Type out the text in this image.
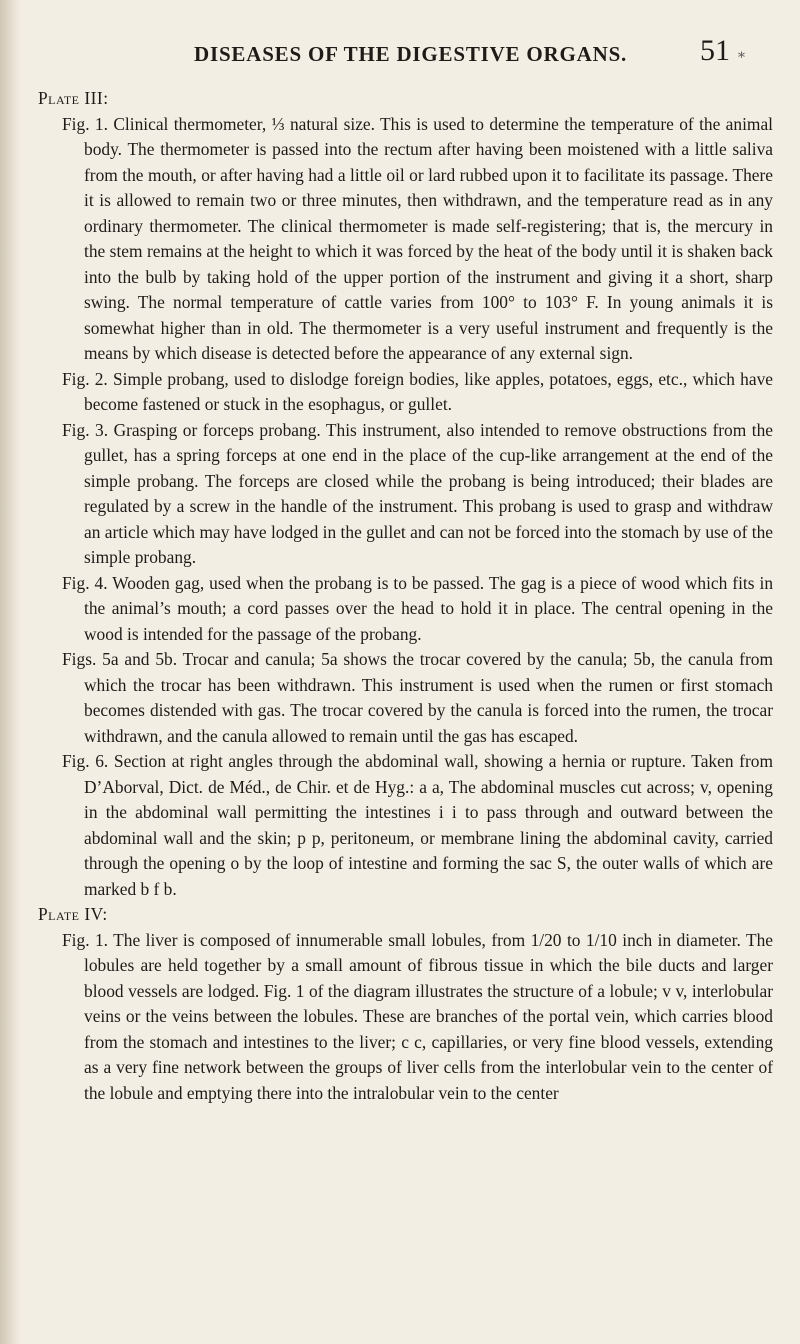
DISEASES OF THE DIGESTIVE ORGANS. 51 *

Plate III:

Fig. 1. Clinical thermometer, ⅓ natural size. This is used to determine the temperature of the animal body. The thermometer is passed into the rectum after having been moistened with a little saliva from the mouth, or after having had a little oil or lard rubbed upon it to facilitate its passage. There it is allowed to remain two or three minutes, then withdrawn, and the temperature read as in any ordinary thermometer. The clinical thermometer is made self-registering; that is, the mercury in the stem remains at the height to which it was forced by the heat of the body until it is shaken back into the bulb by taking hold of the upper portion of the instrument and giving it a short, sharp swing. The normal temperature of cattle varies from 100° to 103° F. In young animals it is somewhat higher than in old. The thermometer is a very useful instrument and frequently is the means by which disease is detected before the appearance of any external sign.

Fig. 2. Simple probang, used to dislodge foreign bodies, like apples, potatoes, eggs, etc., which have become fastened or stuck in the esophagus, or gullet.

Fig. 3. Grasping or forceps probang. This instrument, also intended to remove obstructions from the gullet, has a spring forceps at one end in the place of the cup-like arrangement at the end of the simple probang. The forceps are closed while the probang is being introduced; their blades are regulated by a screw in the handle of the instrument. This probang is used to grasp and withdraw an article which may have lodged in the gullet and can not be forced into the stomach by use of the simple probang.

Fig. 4. Wooden gag, used when the probang is to be passed. The gag is a piece of wood which fits in the animal’s mouth; a cord passes over the head to hold it in place. The central opening in the wood is intended for the passage of the probang.

Figs. 5a and 5b. Trocar and canula; 5a shows the trocar covered by the canula; 5b, the canula from which the trocar has been withdrawn. This instrument is used when the rumen or first stomach becomes distended with gas. The trocar covered by the canula is forced into the rumen, the trocar withdrawn, and the canula allowed to remain until the gas has escaped.

Fig. 6. Section at right angles through the abdominal wall, showing a hernia or rupture. Taken from D’Aborval, Dict. de Méd., de Chir. et de Hyg.: a a, The abdominal muscles cut across; v, opening in the abdominal wall permitting the intestines i i to pass through and outward between the abdominal wall and the skin; p p, peritoneum, or membrane lining the abdominal cavity, carried through the opening o by the loop of intestine and forming the sac S, the outer walls of which are marked b f b.

Plate IV:

Fig. 1. The liver is composed of innumerable small lobules, from 1/20 to 1/10 inch in diameter. The lobules are held together by a small amount of fibrous tissue in which the bile ducts and larger blood vessels are lodged. Fig. 1 of the diagram illustrates the structure of a lobule; v v, interlobular veins or the veins between the lobules. These are branches of the portal vein, which carries blood from the stomach and intestines to the liver; c c, capillaries, or very fine blood vessels, extending as a very fine network between the groups of liver cells from the interlobular vein to the center of the lobule and emptying there into the intralobular vein to the center
